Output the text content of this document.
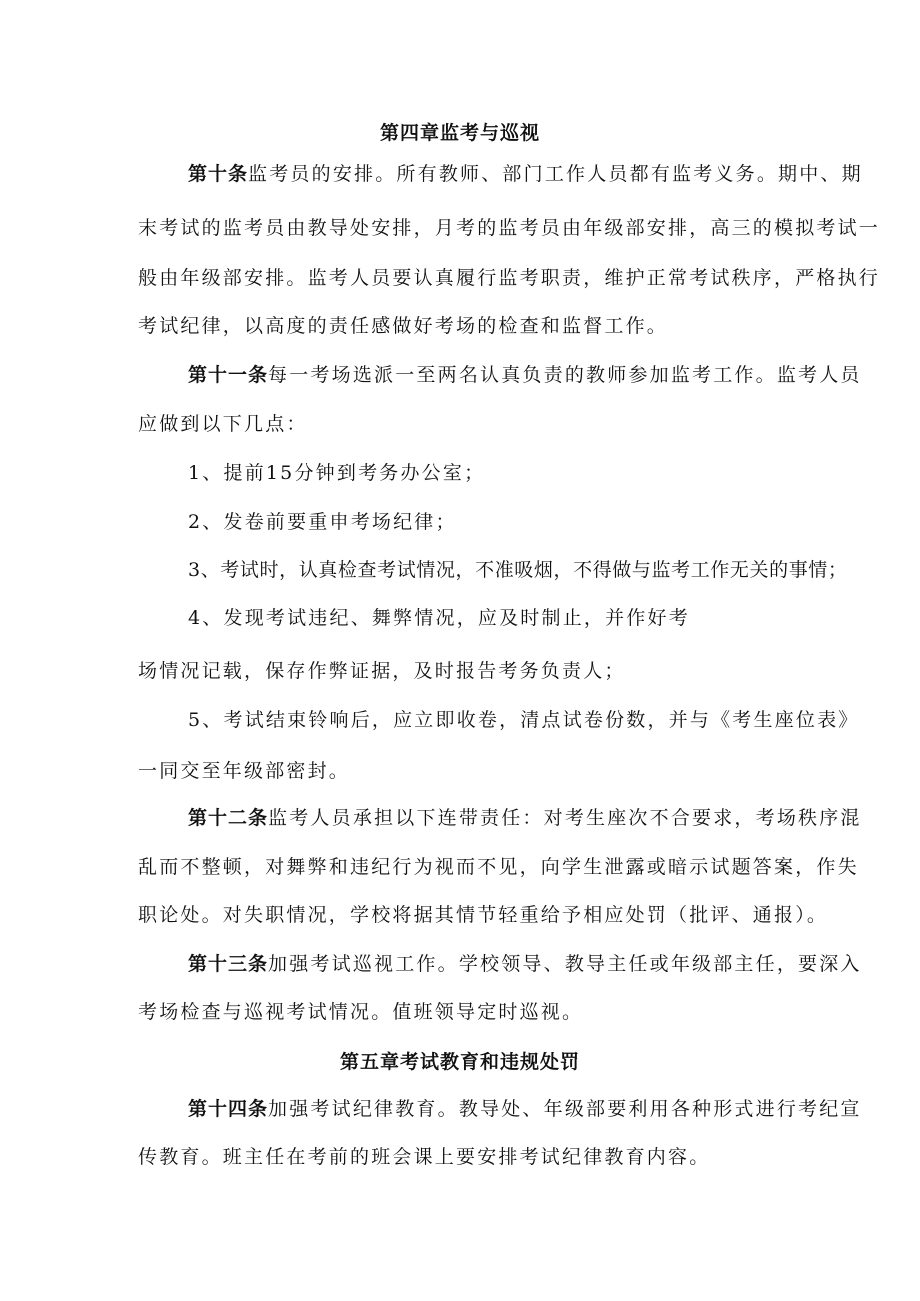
第四章监考与巡视
第十条监考员的安排。所有教师、部门工作人员都有监考义务。期中、期
末考试的监考员由教导处安排，月考的监考员由年级部安排，高三的模拟考试一
般由年级部安排。监考人员要认真履行监考职责，维护正常考试秩序，严格执行
考试纪律，以高度的责任感做好考场的检查和监督工作。
第十一条每一考场选派一至两名认真负责的教师参加监考工作。监考人员
应做到以下几点：
1、提前15分钟到考务办公室；
2、发卷前要重申考场纪律；
3、考试时，认真检查考试情况，不准吸烟，不得做与监考工作无关的事情；
4、发现考试违纪、舞弊情况，应及时制止，并作好考
场情况记载，保存作弊证据，及时报告考务负责人；
5、考试结束铃响后，应立即收卷，清点试卷份数，并与《考生座位表》
一同交至年级部密封。
第十二条监考人员承担以下连带责任：对考生座次不合要求，考场秩序混
乱而不整顿，对舞弊和违纪行为视而不见，向学生泄露或暗示试题答案，作失
职论处。对失职情况，学校将据其情节轻重给予相应处罚（批评、通报）。
第十三条加强考试巡视工作。学校领导、教导主任或年级部主任，要深入
考场检查与巡视考试情况。值班领导定时巡视。
第五章考试教育和违规处罚
第十四条加强考试纪律教育。教导处、年级部要利用各种形式进行考纪宣
传教育。班主任在考前的班会课上要安排考试纪律教育内容。
